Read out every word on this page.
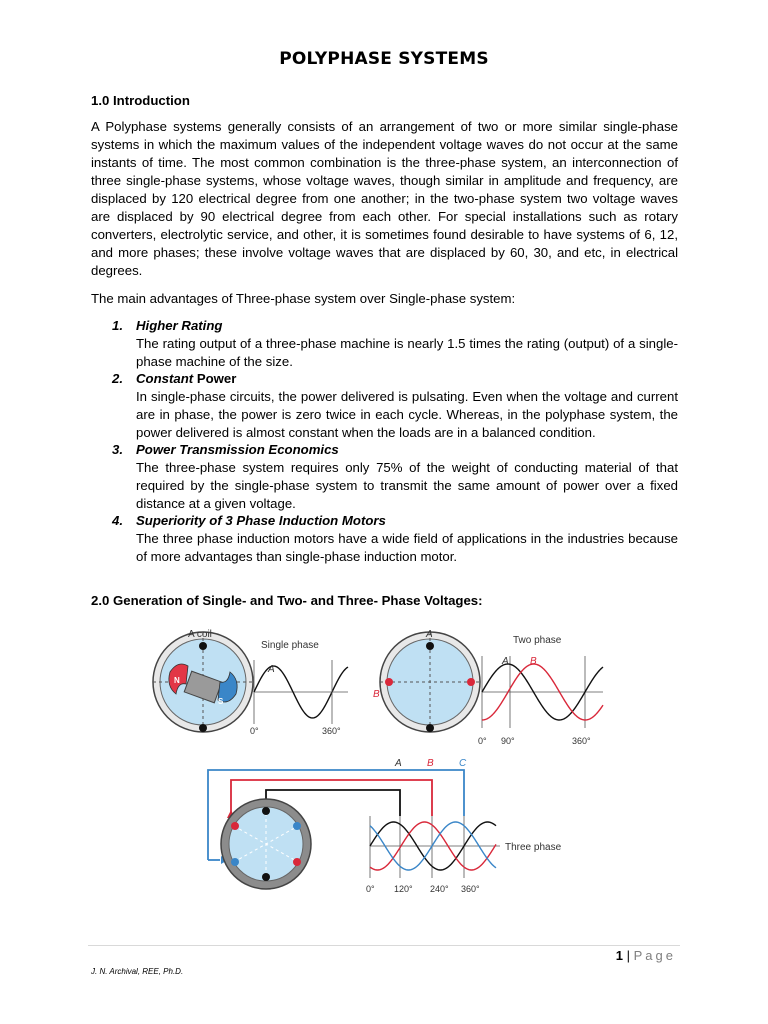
POLYPHASE SYSTEMS
1.0 Introduction
A Polyphase systems generally consists of an arrangement of two or more similar single-phase systems in which the maximum values of the independent voltage waves do not occur at the same instants of time. The most common combination is the three-phase system, an interconnection of three single-phase systems, whose voltage waves, though similar in amplitude and frequency, are displaced by 120 electrical degree from one another; in the two-phase system two voltage waves are displaced by 90 electrical degree from each other. For special installations such as rotary converters, electrolytic service, and other, it is sometimes found desirable to have systems of 6, 12, and more phases; these involve voltage waves that are displaced by 60, 30, and etc, in electrical degrees.
The main advantages of Three-phase system over Single-phase system:
1. Higher Rating
The rating output of a three-phase machine is nearly 1.5 times the rating (output) of a single-phase machine of the size.
2. Constant Power
In single-phase circuits, the power delivered is pulsating. Even when the voltage and current are in phase, the power is zero twice in each cycle. Whereas, in the polyphase system, the power delivered is almost constant when the loads are in a balanced condition.
3. Power Transmission Economics
The three-phase system requires only 75% of the weight of conducting material of that required by the single-phase system to transmit the same amount of power over a fixed distance at a given voltage.
4. Superiority of 3 Phase Induction Motors
The three phase induction motors have a wide field of applications in the industries because of more advantages than single-phase induction motor.
2.0 Generation of Single- and Two- and Three- Phase Voltages:
A coil
Single phase
N
S
A
0°	360°
A
B
Two phase
A B
0° 90°	360°
A	B	C
Three phase
0° 120° 240° 360°
1 | Page
J. N. Archival, REE, Ph.D.
